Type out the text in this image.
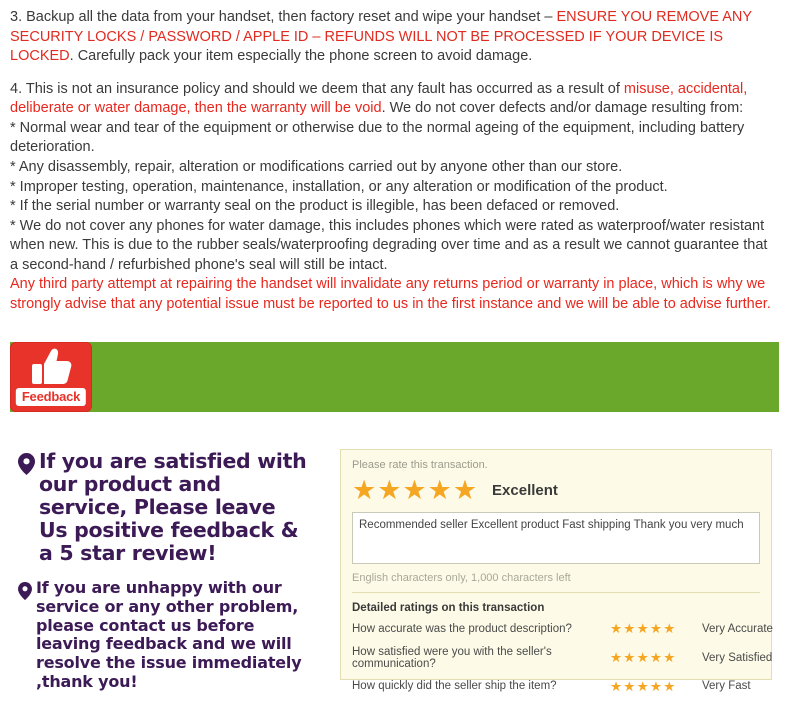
3. Backup all the data from your handset, then factory reset and wipe your handset – ENSURE YOU REMOVE ANY SECURITY LOCKS / PASSWORD / APPLE ID – REFUNDS WILL NOT BE PROCESSED IF YOUR DEVICE IS LOCKED. Carefully pack your item especially the phone screen to avoid damage.

4. This is not an insurance policy and should we deem that any fault has occurred as a result of misuse, accidental, deliberate or water damage, then the warranty will be void. We do not cover defects and/or damage resulting from:

* Normal wear and tear of the equipment or otherwise due to the normal ageing of the equipment, including battery deterioration.

* Any disassembly, repair, alteration or modifications carried out by anyone other than our store.

* Improper testing, operation, maintenance, installation, or any alteration or modification of the product.

* If the serial number or warranty seal on the product is illegible, has been defaced or removed.

* We do not cover any phones for water damage, this includes phones which were rated as waterproof/water resistant when new. This is due to the rubber seals/waterproofing degrading over time and as a result we cannot guarantee that a second-hand / refurbished phone's seal will still be intact.

Any third party attempt at repairing the handset will invalidate any returns period or warranty in place, which is why we strongly advise that any potential issue must be reported to us in the first instance and we will be able to advise further.

Feedback
If you are satisfied with our product and service, Please leave Us positive feedback & a 5 star review!
If you are unhappy with our service or any other problem, please contact us before leaving feedback and we will resolve the issue immediately ,thank you!
Please rate this transaction.
★★★★★ Excellent
Recommended seller Excellent product Fast shipping Thank you very much
English characters only, 1,000 characters left
Detailed ratings on this transaction
How accurate was the product description?	★★★★★	Very Accurate
How satisfied were you with the seller's communication?	★★★★★	Very Satisfied
How quickly did the seller ship the item?	★★★★★	Very Fast
